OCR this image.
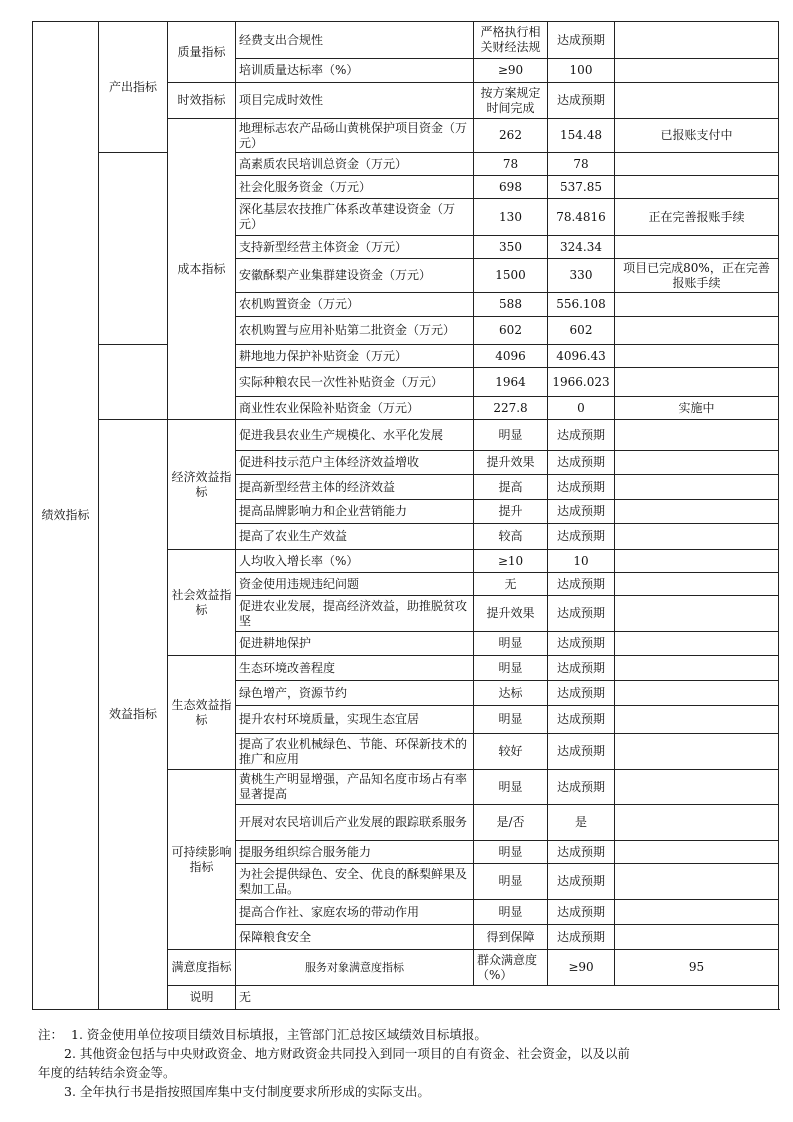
绩效指标	产出指标	质量指标	经费支出合规性	严格执行相关财经法规	达成预期		
			培训质量达标率（%）	≥90	100		
		时效指标	项目完成时效性	按方案规定时间完成	达成预期		
		成本指标	地理标志农产品砀山黄桃保护项目资金（万元）	262	154.48	已报账支付中	
			高素质农民培训总资金（万元）	78	78		
			社会化服务资金（万元）	698	537.85		
			深化基层农技推广体系改革建设资金（万元）	130	78.4816	正在完善报账手续	
			支持新型经营主体资金（万元）	350	324.34		
			安徽酥梨产业集群建设资金（万元）	1500	330	项目已完成80%，正在完善报账手续	
			农机购置资金（万元）	588	556.108		
			农机购置与应用补贴第二批资金（万元）	602	602		
			耕地地力保护补贴资金（万元）	4096	4096.43		
			实际种粮农民一次性补贴资金（万元）	1964	1966.023		
			商业性农业保险补贴资金（万元）	227.8	0	实施中	
	效益指标	经济效益指标	促进我县农业生产规模化、水平化发展	明显	达成预期		
			促进科技示范户主体经济效益增收	提升效果	达成预期		
			提高新型经营主体的经济效益	提高	达成预期		
			提高品牌影响力和企业营销能力	提升	达成预期		
			提高了农业生产效益	较高	达成预期		
		社会效益指标	人均收入增长率（%）	≥10	10		
			资金使用违规违纪问题	无	达成预期		
			促进农业发展，提高经济效益，助推脱贫攻坚	提升效果	达成预期		
			促进耕地保护	明显	达成预期		
		生态效益指标	生态环境改善程度	明显	达成预期		
			绿色增产，资源节约	达标	达成预期		
			提升农村环境质量，实现生态宜居	明显	达成预期		
			提高了农业机械绿色、节能、环保新技术的推广和应用	较好	达成预期		
		可持续影响指标	黄桃生产明显增强，产品知名度市场占有率显著提高	明显	达成预期		
			开展对农民培训后产业发展的跟踪联系服务	是/否	是		
			提服务组织综合服务能力	明显	达成预期		
			为社会提供绿色、安全、优良的酥梨鲜果及梨加工品。	明显	达成预期		
			提高合作社、家庭农场的带动作用	明显	达成预期		
			保障粮食安全	得到保障	达成预期		
		满意度指标	服务对象满意度指标	群众满意度（%）	≥90	95	
		说明	无				
注： 1. 资金使用单位按项目绩效目标填报，主管部门汇总按区域绩效目标填报。
2. 其他资金包括与中央财政资金、地方财政资金共同投入到同一项目的自有资金、社会资金，以及以前
年度的结转结余资金等。
3. 全年执行书是指按照国库集中支付制度要求所形成的实际支出。
